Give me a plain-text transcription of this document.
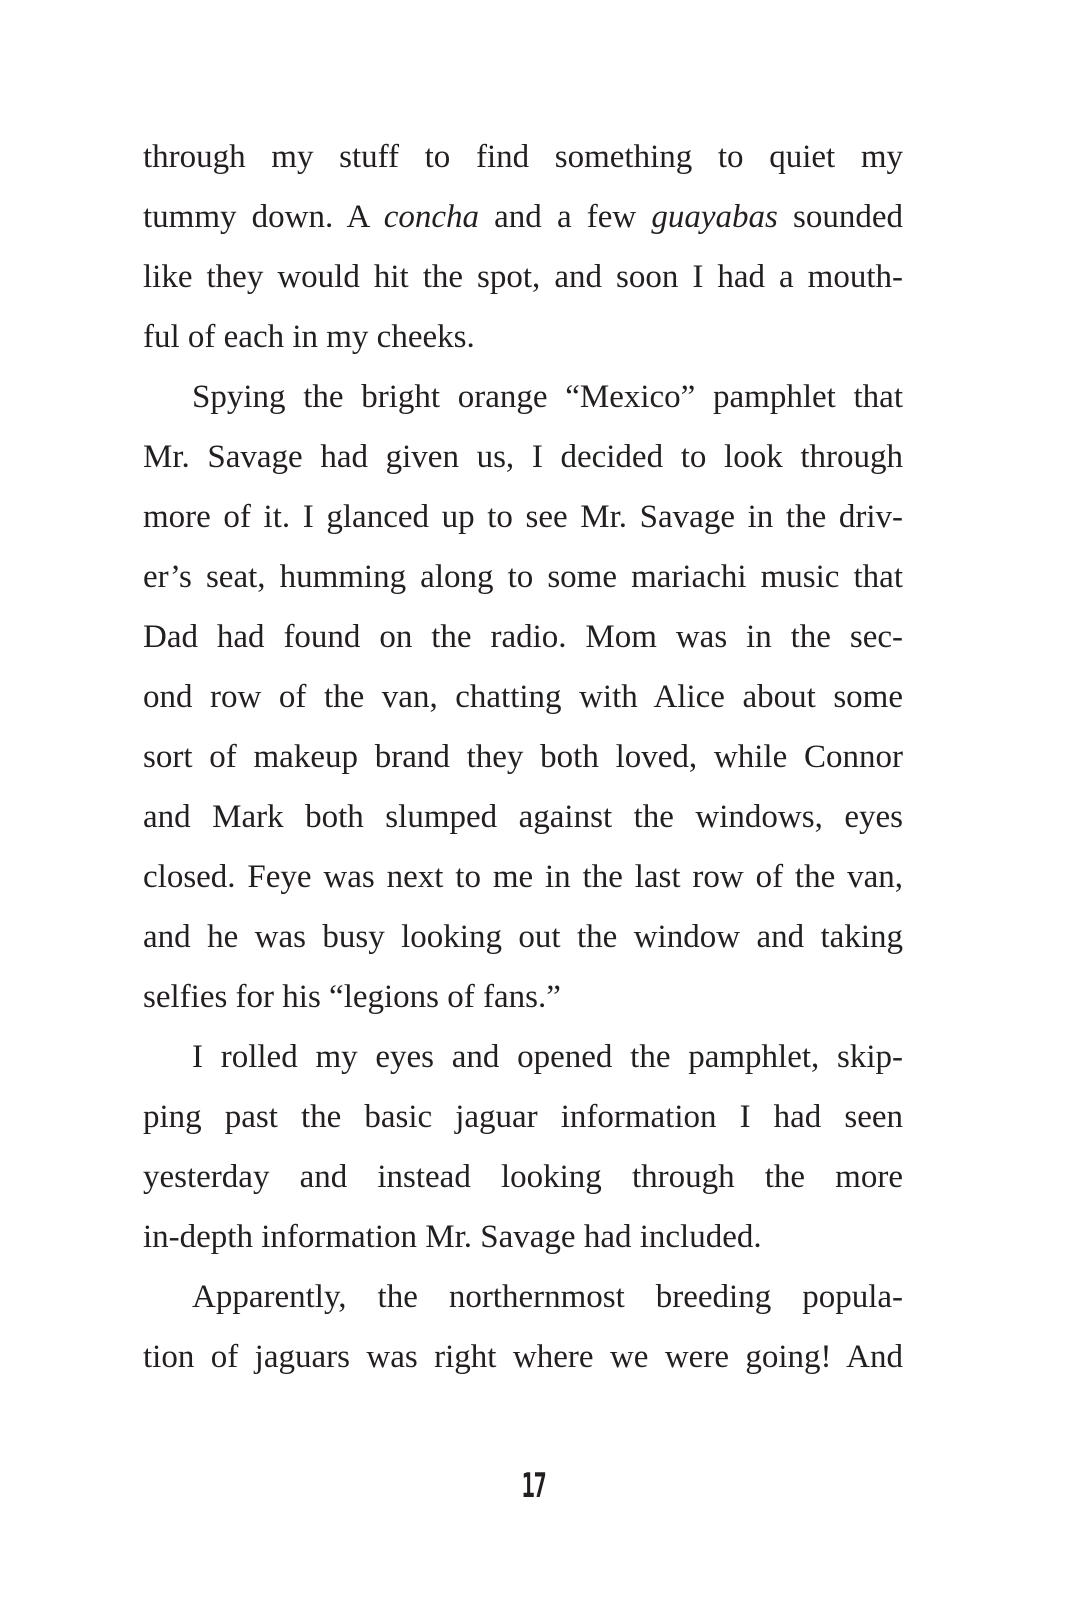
through my stuff to find something to quiet my
tummy down. A concha and a few guayabas sounded
like they would hit the spot, and soon I had a mouth-
ful of each in my cheeks.
Spying the bright orange “Mexico” pamphlet that
Mr. Savage had given us, I decided to look through
more of it. I glanced up to see Mr. Savage in the driv-
er’s seat, humming along to some mariachi music that
Dad had found on the radio. Mom was in the sec-
ond row of the van, chatting with Alice about some
sort of makeup brand they both loved, while Connor
and Mark both slumped against the windows, eyes
closed. Feye was next to me in the last row of the van,
and he was busy looking out the window and taking
selfies for his “legions of fans.”
I rolled my eyes and opened the pamphlet, skip-
ping past the basic jaguar information I had seen
yesterday and instead looking through the more
in-depth information Mr. Savage had included.
Apparently, the northernmost breeding popula-
tion of jaguars was right where we were going! And
17
